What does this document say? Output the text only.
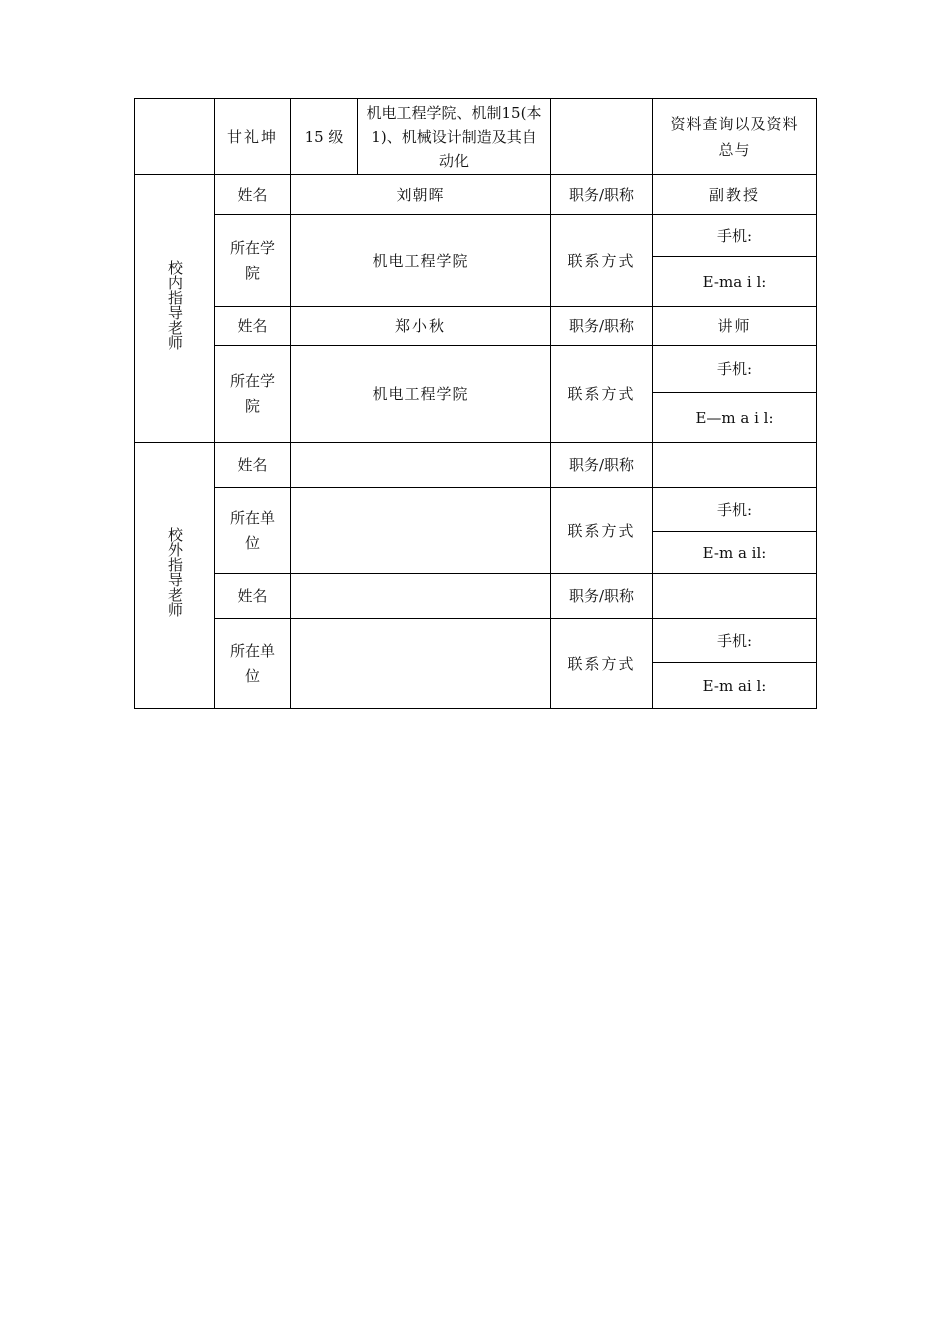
	甘礼坤	15 级	机电工程学院、机制15(本 1)、机械设计制造及其自动化		资料查询以及资料总与
校内指导老师	姓名	刘朝晖		职务/职称	副教授
	所在学院	机电工程学院		联系方式	手机:
					E-ma i l:
	姓名	郑小秋		职务/职称	讲师
	所在学院	机电工程学院		联系方式	手机:
					E—m a i l:
校外指导老师	姓名			职务/职称	
	所在单位			联系方式	手机:
					E-m a il:
	姓名			职务/职称	
	所在单位			联系方式	手机:
					E-m ai l:
